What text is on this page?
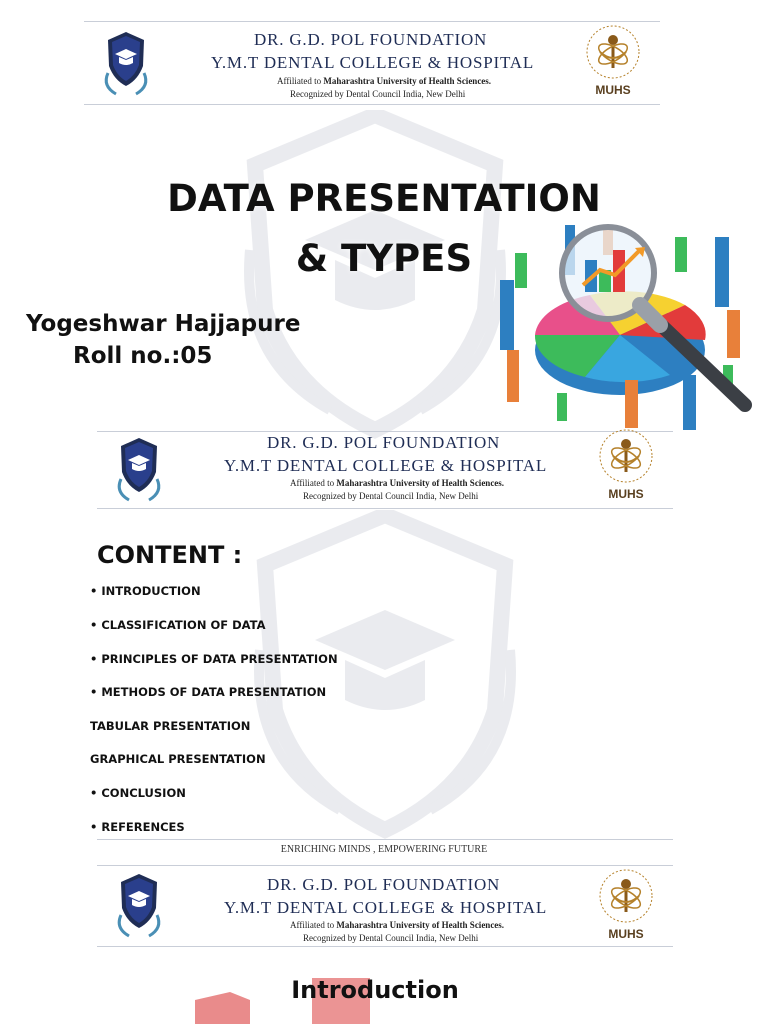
DR. G.D. POL FOUNDATION
Y.M.T DENTAL COLLEGE & HOSPITAL
Affiliated to Maharashtra University of Health Sciences.
Recognized by Dental Council India, New Delhi	MUHS
DATA PRESENTATION
& TYPES
Yogeshwar Hajjapure
Roll no.:05
DR. G.D. POL FOUNDATION
Y.M.T DENTAL COLLEGE & HOSPITAL
Affiliated to Maharashtra University of Health Sciences.
Recognized by Dental Council India, New Delhi	MUHS
CONTENT :
• INTRODUCTION
• CLASSIFICATION OF DATA
• PRINCIPLES OF DATA PRESENTATION
• METHODS OF DATA PRESENTATION
TABULAR PRESENTATION
GRAPHICAL PRESENTATION
• CONCLUSION
• REFERENCES
ENRICHING MINDS , EMPOWERING FUTURE
DR. G.D. POL FOUNDATION
Y.M.T DENTAL COLLEGE & HOSPITAL
Affiliated to Maharashtra University of Health Sciences.
Recognized by Dental Council India, New Delhi	MUHS
Introduction
